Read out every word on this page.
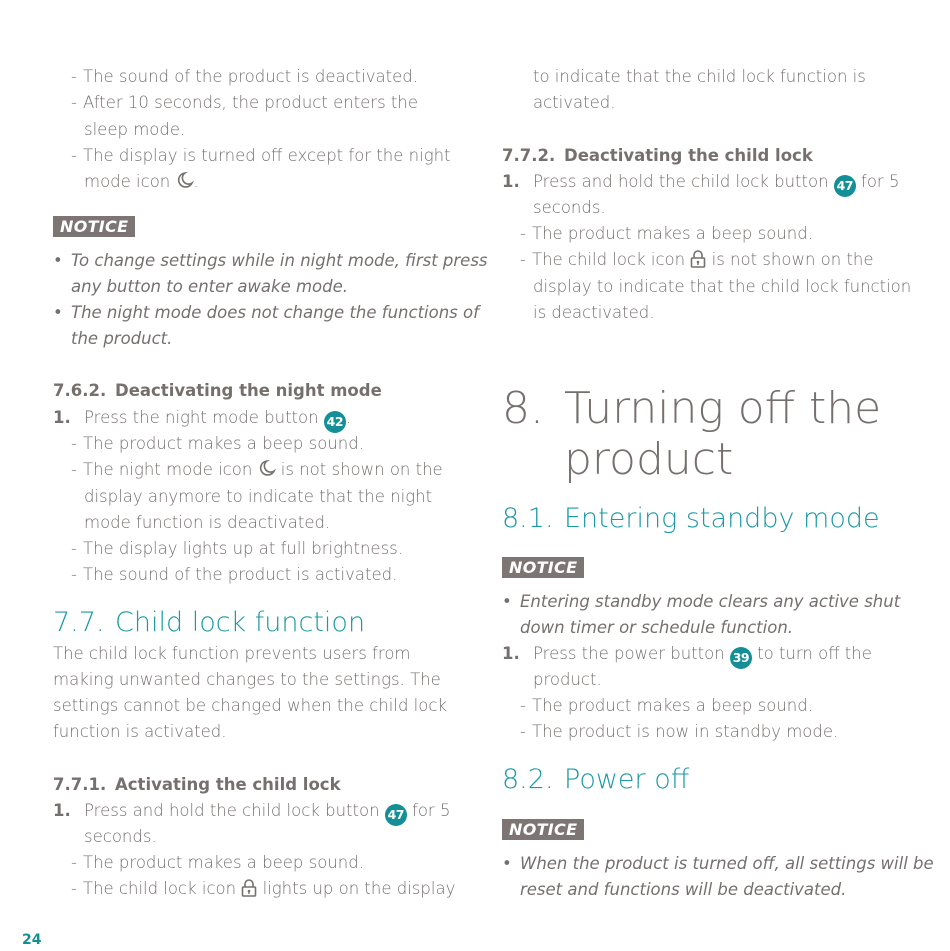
- The sound of the product is deactivated.
- After 10 seconds, the product enters the
sleep mode.
- The display is turned off except for the night
mode icon .
NOTICE
• To change settings while in night mode, first press
any button to enter awake mode.
• The night mode does not change the functions of
the product.
7.6.2. Deactivating the night mode
1. Press the night mode button 42 .
- The product makes a beep sound.
- The night mode icon is not shown on the
display anymore to indicate that the night
mode function is deactivated.
- The display lights up at full brightness.
- The sound of the product is activated.
7.7. Child lock function
The child lock function prevents users from
making unwanted changes to the settings. The
settings cannot be changed when the child lock
function is activated.
7.7.1. Activating the child lock
1. Press and hold the child lock button 47 for 5
seconds.
- The product makes a beep sound.
- The child lock icon lights up on the display
to indicate that the child lock function is
activated.
7.7.2. Deactivating the child lock
1. Press and hold the child lock button 47 for 5
seconds.
- The product makes a beep sound.
- The child lock icon is not shown on the
display to indicate that the child lock function
is deactivated.
8. Turning off the
product
8.1. Entering standby mode
NOTICE
• Entering standby mode clears any active shut
down timer or schedule function.
1. Press the power button 39 to turn off the
product.
- The product makes a beep sound.
- The product is now in standby mode.
8.2. Power off
NOTICE
• When the product is turned off, all settings will be
reset and functions will be deactivated.
24
